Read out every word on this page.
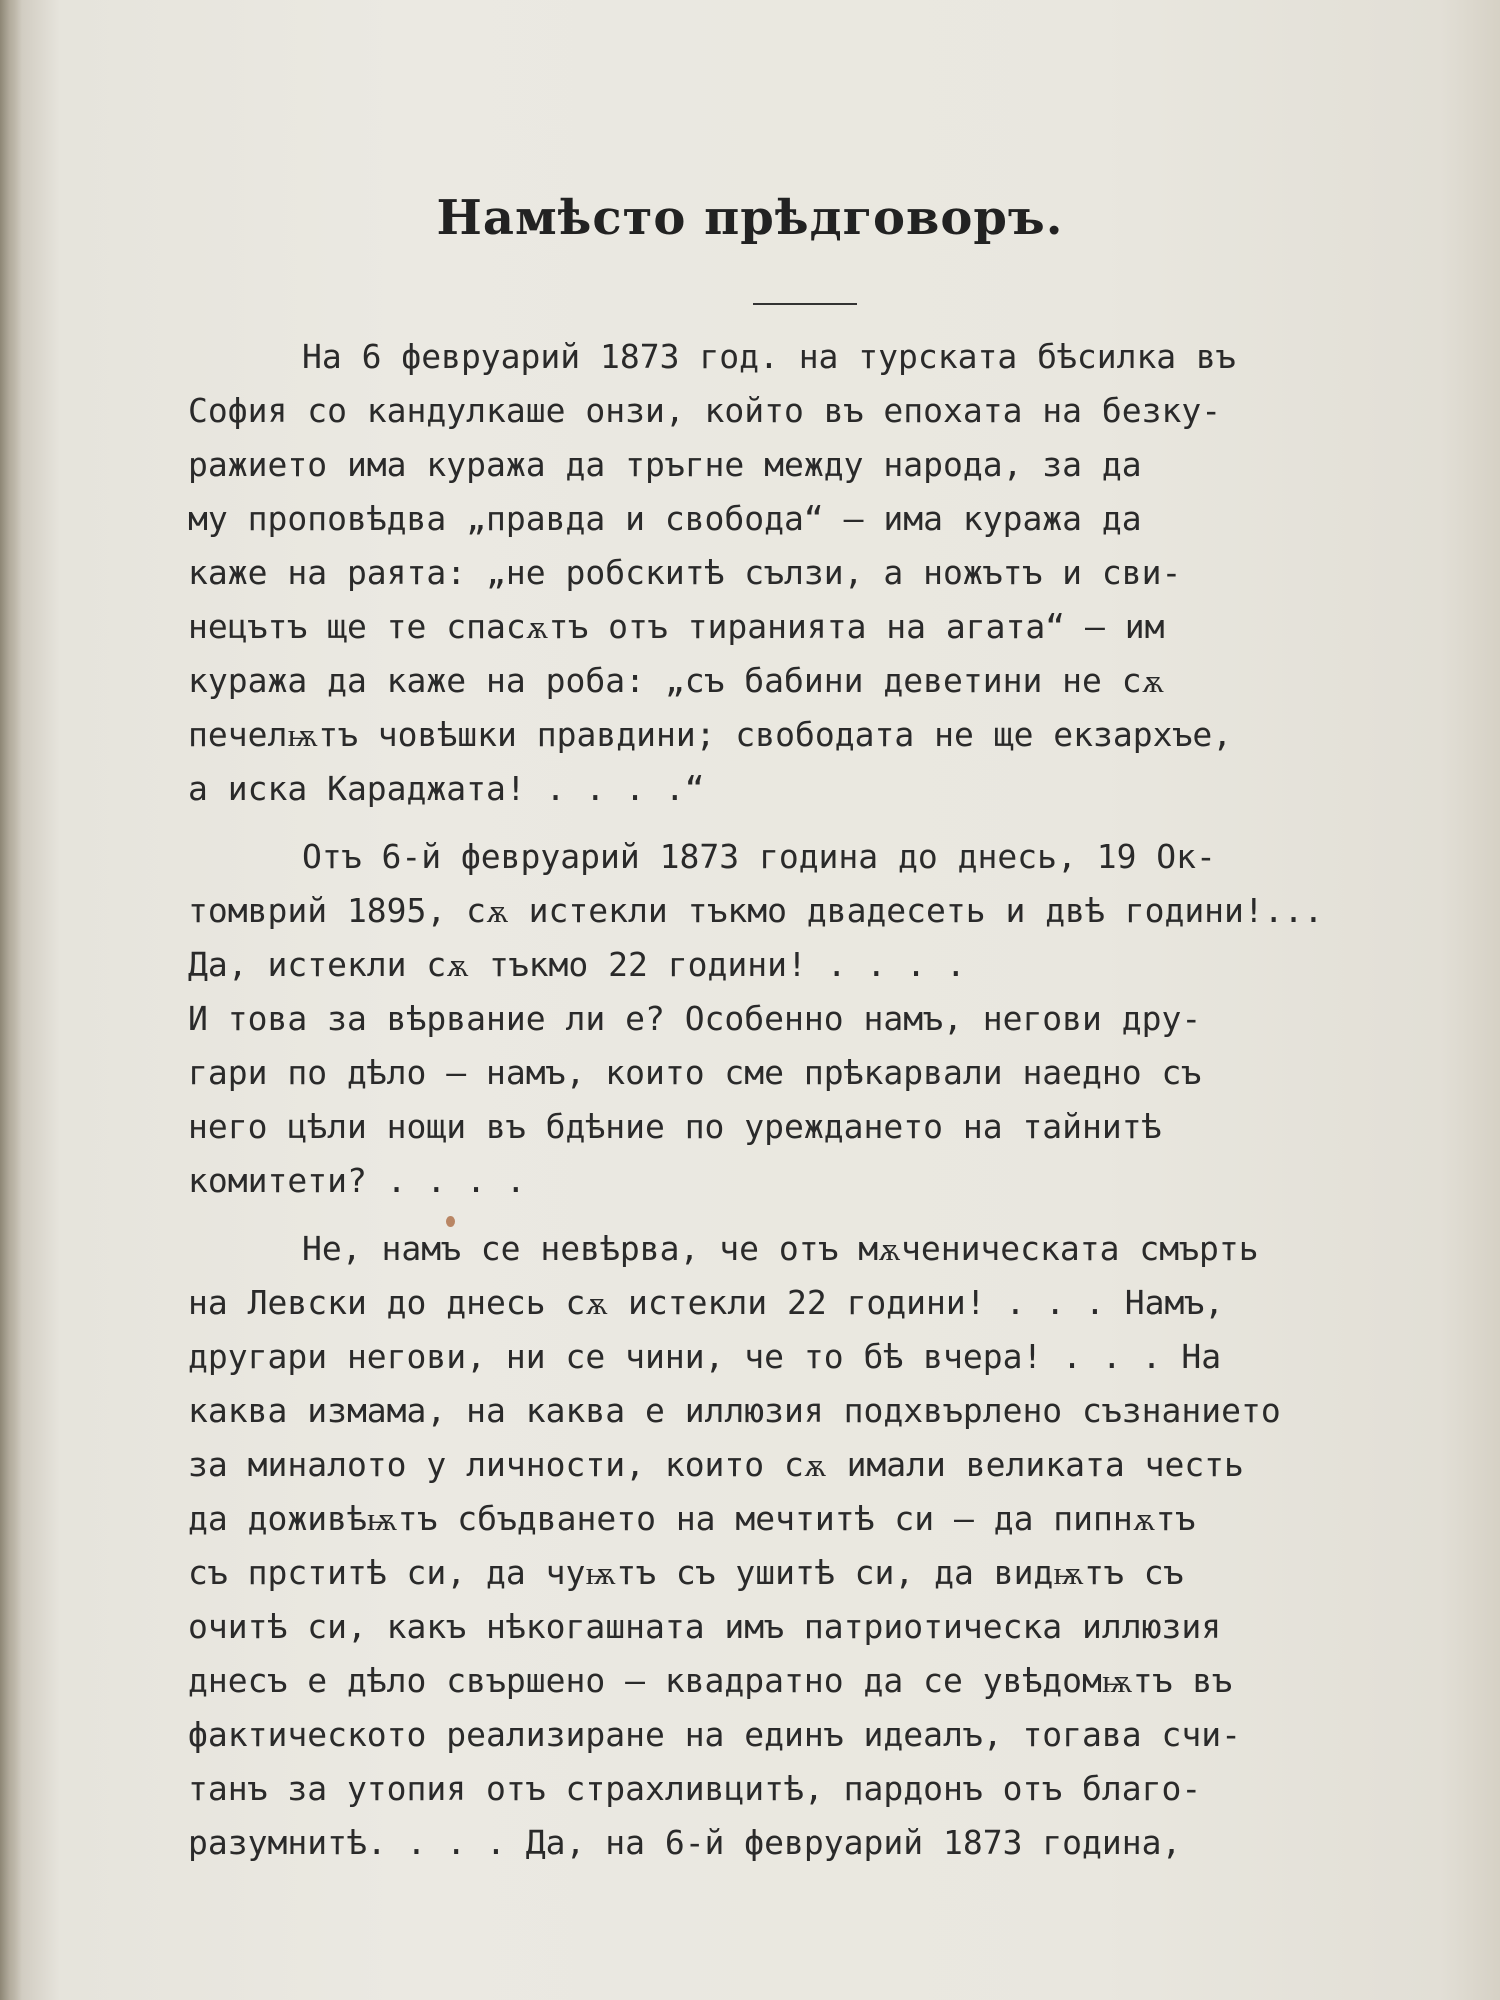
Намѣсто прѣдговоръ.
На 6 февруарий 1873 год. на турската бѣсилка въ
София со кандулкаше онзи, който въ епохата на безку-
ражието има куража да тръгне между народа, за да
му проповѣдва „правда и свобода“ — има куража да
каже на раята: „не робскитѣ сълзи, а ножътъ и сви-
нецътъ ще те спасѫтъ отъ тиранията на агата“ — им
куража да каже на роба: „съ бабини деветини не сѫ
печелѭтъ човѣшки правдини; свободата не ще екзархъе,
а иска Караджата! . . . .“
Отъ 6-й февруарий 1873 година до днесь, 19 Ок-
томврий 1895, сѫ истекли тъкмо двадесеть и двѣ години!...
Да, истекли сѫ тъкмо 22 години! . . . .
И това за вѣрвание ли е? Особенно намъ, негови дру-
гари по дѣло — намъ, които сме прѣкарвали наедно съ
него цѣли нощи въ бдѣние по уреждането на тайнитѣ
комитети? . . . .
Не, намъ се невѣрва, че отъ мѫченическата смърть
на Левски до днесь сѫ истекли 22 години! . . . Намъ,
другари негови, ни се чини, че то бѣ вчера! . . . На
каква измама, на каква е иллюзия подхвърлено съзнанието
за миналото у личности, които сѫ имали великата честь
да доживѣѭтъ сбъдването на мечтитѣ си — да пипнѫтъ
съ прститѣ си, да чуѭтъ съ ушитѣ си, да видѭтъ съ
очитѣ си, какъ нѣкогашната имъ патриотическа иллюзия
днесъ е дѣло свършено — квадратно да се увѣдомѭтъ въ
фактическото реализиране на единъ идеалъ, тогава счи-
танъ за утопия отъ страхливцитѣ, пардонъ отъ благо-
разумнитѣ. . . . Да, на 6-й февруарий 1873 година,
